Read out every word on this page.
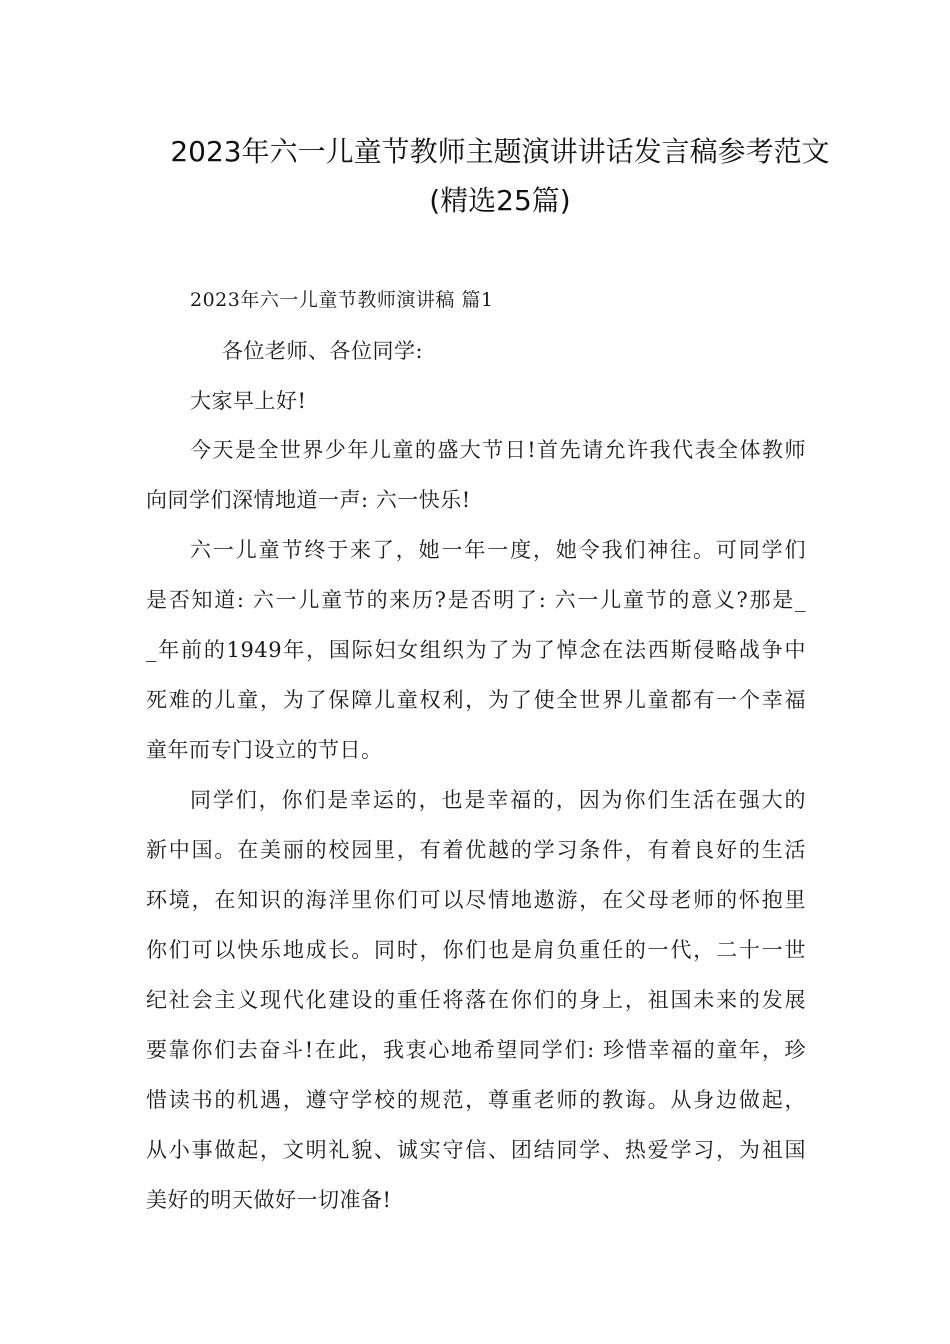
2023年六一儿童节教师主题演讲讲话发言稿参考范文
(精选25篇)
2023年六一儿童节教师演讲稿 篇1
各位老师、各位同学:
大家早上好!
今天是全世界少年儿童的盛大节日!首先请允许我代表全体教师
向同学们深情地道一声: 六一快乐!
六一儿童节终于来了，她一年一度，她令我们神往。可同学们
是否知道: 六一儿童节的来历?是否明了: 六一儿童节的意义?那是_
_年前的1949年，国际妇女组织为了为了悼念在法西斯侵略战争中
死难的儿童，为了保障儿童权利，为了使全世界儿童都有一个幸福
童年而专门设立的节日。
同学们，你们是幸运的，也是幸福的，因为你们生活在强大的
新中国。在美丽的校园里，有着优越的学习条件，有着良好的生活
环境，在知识的海洋里你们可以尽情地遨游，在父母老师的怀抱里
你们可以快乐地成长。同时，你们也是肩负重任的一代，二十一世
纪社会主义现代化建设的重任将落在你们的身上，祖国未来的发展
要靠你们去奋斗!在此，我衷心地希望同学们: 珍惜幸福的童年，珍
惜读书的机遇，遵守学校的规范，尊重老师的教诲。从身边做起，
从小事做起，文明礼貌、诚实守信、团结同学、热爱学习，为祖国
美好的明天做好一切准备!
